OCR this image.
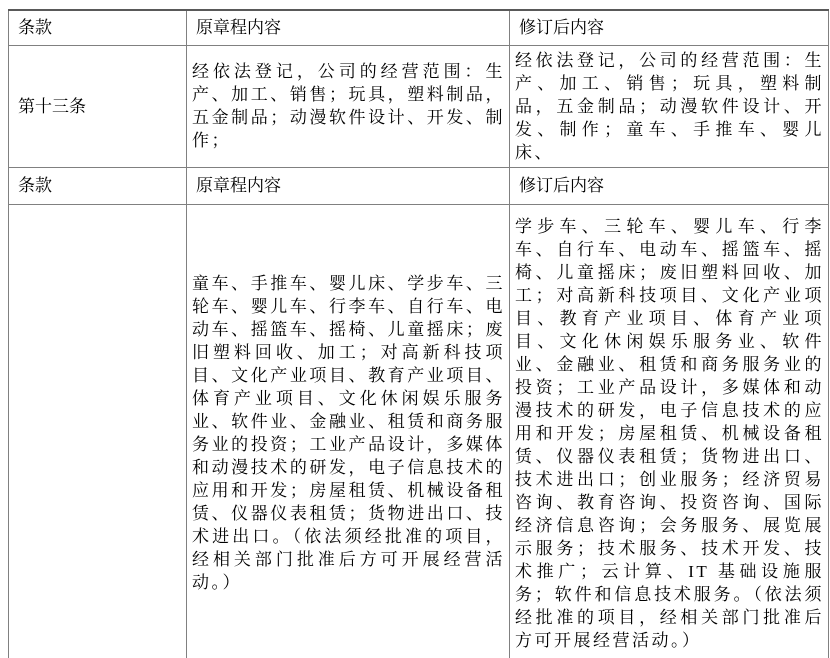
条款	原章程内容	修订后内容
第十三条	经依法登记，公司的经营范围：生产、加工、销售；玩具，塑料制品，五金制品；动漫软件设计、开发、制作；	经依法登记，公司的经营范围：生产、加工、销售；玩具，塑料制品，五金制品；动漫软件设计、开发、制作；童车、手推车、婴儿床、
条款	原章程内容	修订后内容
	童车、手推车、婴儿床、学步车、三轮车、婴儿车、行李车、自行车、电动车、摇篮车、摇椅、儿童摇床；废旧塑料回收、加工；对高新科技项目、文化产业项目、教育产业项目、体育产业项目、文化休闲娱乐服务业、软件业、金融业、租赁和商务服务业的投资；工业产品设计，多媒体和动漫技术的研发，电子信息技术的应用和开发；房屋租赁、机械设备租赁、仪器仪表租赁；货物进出口、技术进出口。（依法须经批准的项目，经相关部门批准后方可开展经营活动。）	学步车、三轮车、婴儿车、行李车、自行车、电动车、摇篮车、摇椅、儿童摇床；废旧塑料回收、加工；对高新科技项目、文化产业项目、教育产业项目、体育产业项目、文化休闲娱乐服务业、软件业、金融业、租赁和商务服务业的投资；工业产品设计，多媒体和动漫技术的研发，电子信息技术的应用和开发；房屋租赁、机械设备租赁、仪器仪表租赁；货物进出口、技术进出口；创业服务；经济贸易咨询、教育咨询、投资咨询、国际经济信息咨询；会务服务、展览展示服务；技术服务、技术开发、技术推广；云计算、IT 基础设施服务；软件和信息技术服务。（依法须经批准的项目，经相关部门批准后方可开展经营活动。）
